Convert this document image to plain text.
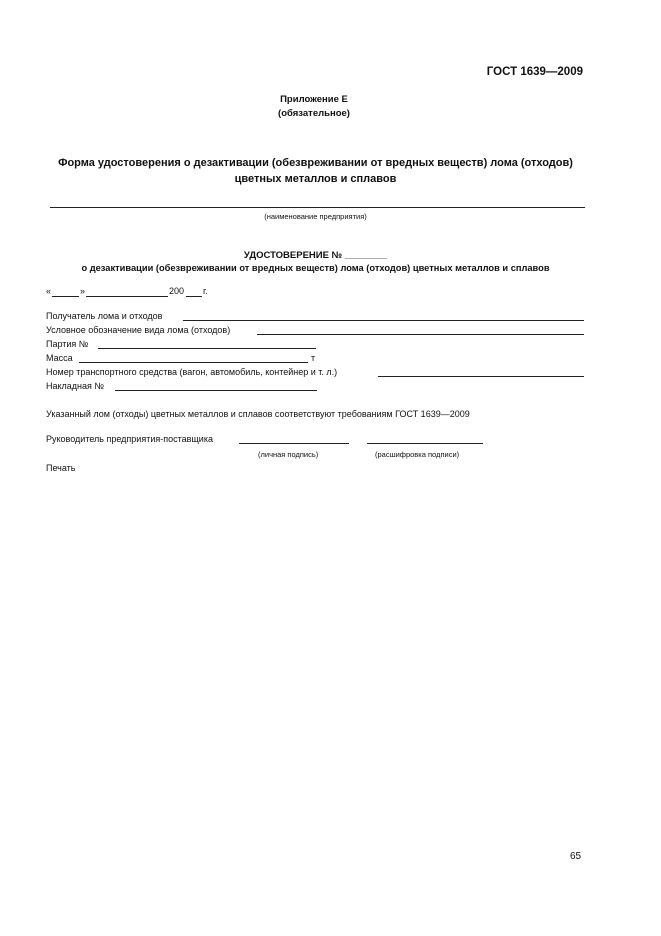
ГОСТ 1639—2009
Приложение Е
(обязательное)
Форма удостоверения о дезактивации (обезвреживании от вредных веществ) лома (отходов)
цветных металлов и сплавов
(наименование предприятия)
УДОСТОВЕРЕНИЕ № ________
о дезактивации (обезвреживании от вредных веществ) лома (отходов) цветных металлов и сплавов
«	»	200 г.
Получатель лома и отходов
Условное обозначение вида лома (отходов)
Партия №
Масса	т
Номер транспортного средства (вагон, автомобиль, контейнер и т. л.)
Накладная №
Указанный лом (отходы) цветных металлов и сплавов соответствуют требованиям ГОСТ 1639—2009
Руководитель предприятия-поставщика
(личная подпись)	(расшифровка подписи)
Печать
65
